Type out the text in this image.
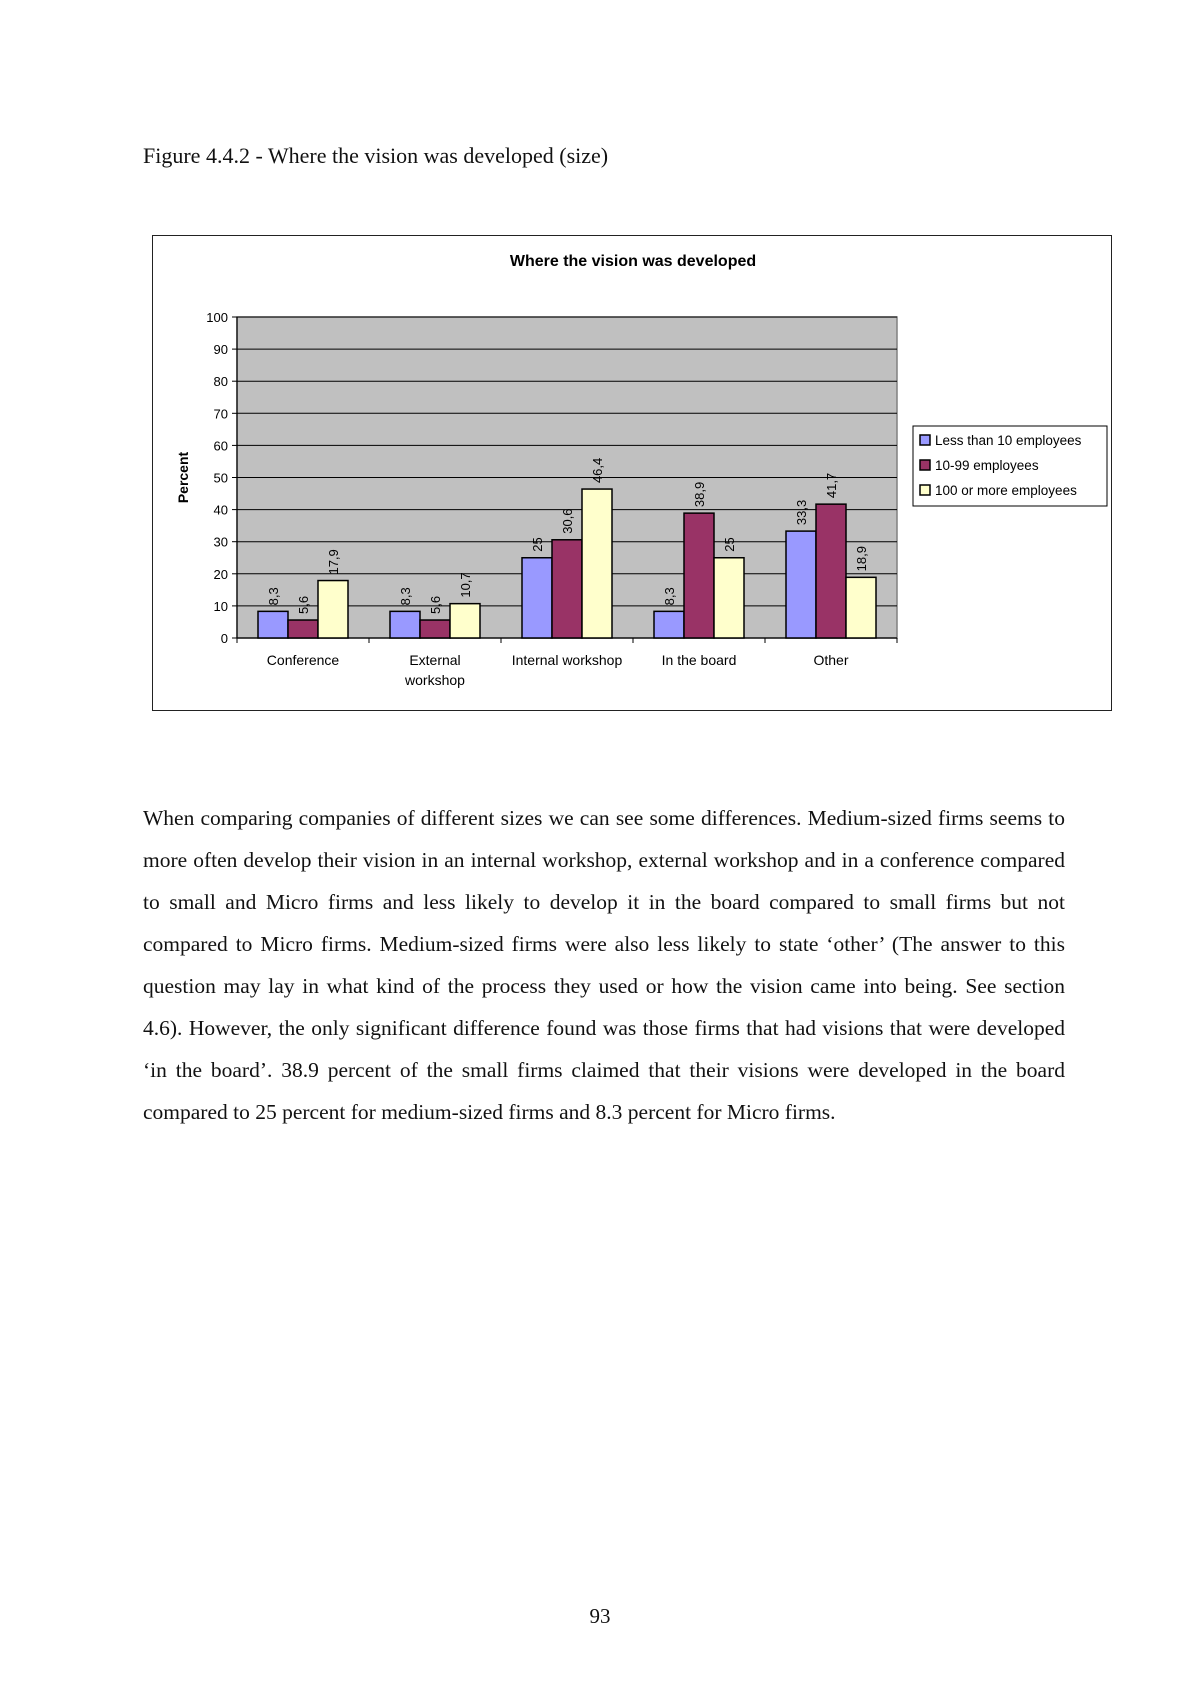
Figure 4.4.2 - Where the vision was developed (size)

Where the vision was developed
0
10
20
30
40
50
60
70
80
90
100
Percent
8,3 5,6
17,9
Conference
8,3 5,6
10,7
External
workshop
25
30,6
46,4
Internal workshop
8,3
38,9
25
In the board
33,3
41,7
18,9
Other
Less than 10 employees
10-99 employees
100 or more employees

When comparing companies of different sizes we can see some differences. Medium-sized firms seems to more often develop their vision in an internal workshop, external workshop and in a conference compared to small and Micro firms and less likely to develop it in the board compared to small firms but not compared to Micro firms. Medium-sized firms were also less likely to state ‘other’ (The answer to this question may lay in what kind of the process they used or how the vision came into being. See section 4.6). However, the only significant difference found was those firms that had visions that were developed ‘in the board’. 38.9 percent of the small firms claimed that their visions were developed in the board compared to 25 percent for medium-sized firms and 8.3 percent for Micro firms.

93
